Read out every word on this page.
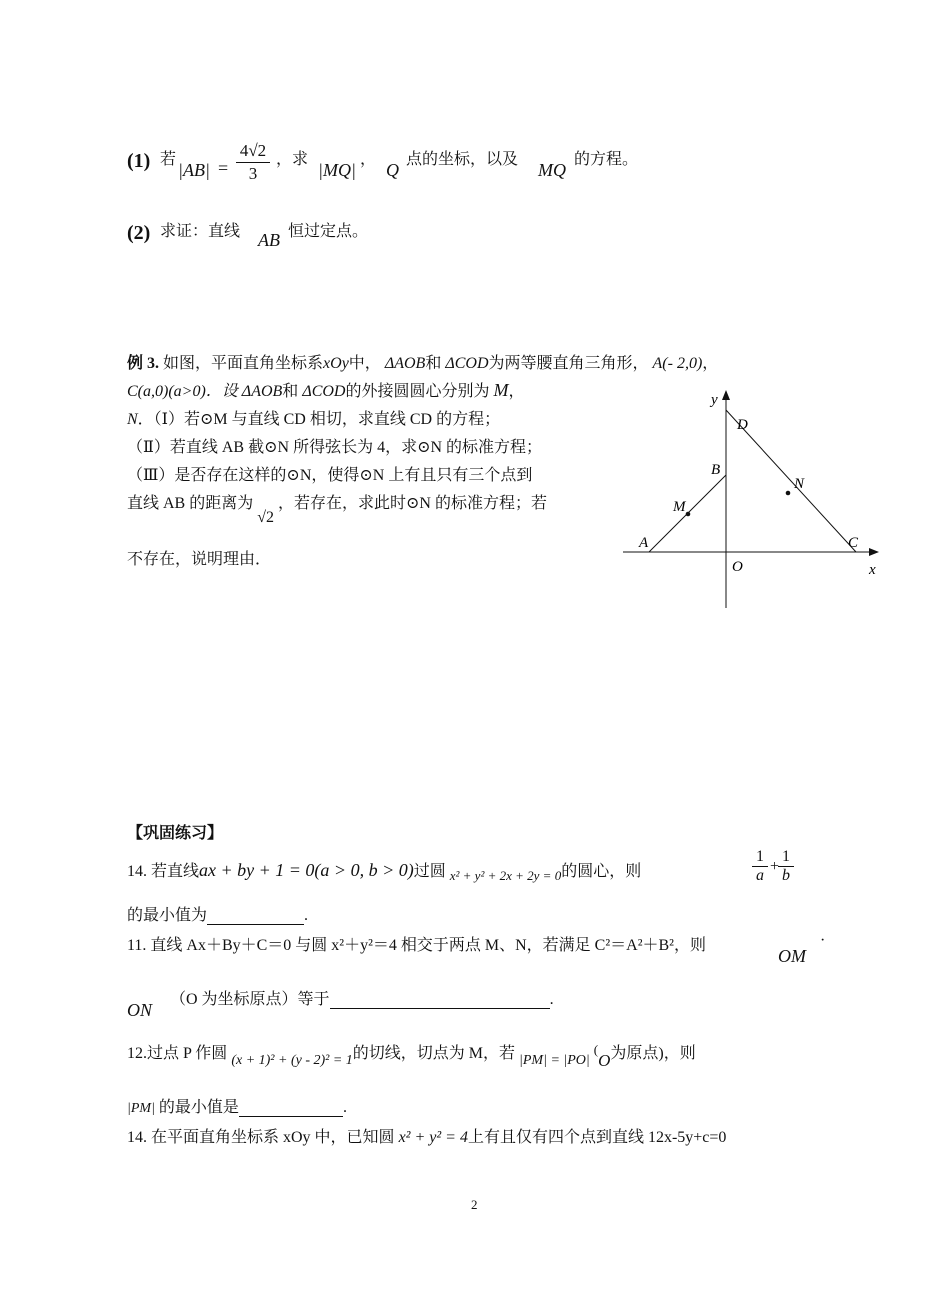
(1) 若
|AB| =
4√2
3
，求
|MQ|
，
Q
点的坐标，以及
MQ
的方程。
(2) 求证：直线 AB 恒过定点。
例 3. 如图，平面直角坐标系xOy中， ΔAOB和 ΔCOD为两等腰直角三角形， A(- 2,0)，
C(a,0)(a>0)．设 ΔAOB和 ΔCOD的外接圆圆心分别为 M，
N．（Ⅰ）若⊙M 与直线 CD 相切，求直线 CD 的方程；
（Ⅱ）若直线 AB 截⊙N 所得弦长为 4，求⊙N 的标准方程；
（Ⅲ）是否存在这样的⊙N，使得⊙N 上有且只有三个点到
直线 AB 的距离为 √2 ，若存在，求此时⊙N 的标准方程；若
不存在，说明理由．
y
x
D
B
N
M
A	C
O
【巩固练习】
14. 若直线ax + by + 1 = 0(a > 0, b > 0)过圆 $_{x^2 + y^2 + 2x + 2y = 0}$的圆心，则
1
a
+
1
b
的最小值为	.
11. 直线 Ax＋By＋C＝0 与圆 x²＋y²＝4 相交于两点 M、N，若满足 C²＝A²＋B²，则
OM
·
ON
（O 为坐标原点）等于	.
12.过点 P 作圆 (x + 1)² + (y - 2)² = 1的切线，切点为 M，若 |PM| = |PO| (O为原点)，则
|PM| 的最小值是	.
14. 在平面直角坐标系 xOy 中，已知圆 x² + y² = 4上有且仅有四个点到直线 12x-5y+c=0
2
